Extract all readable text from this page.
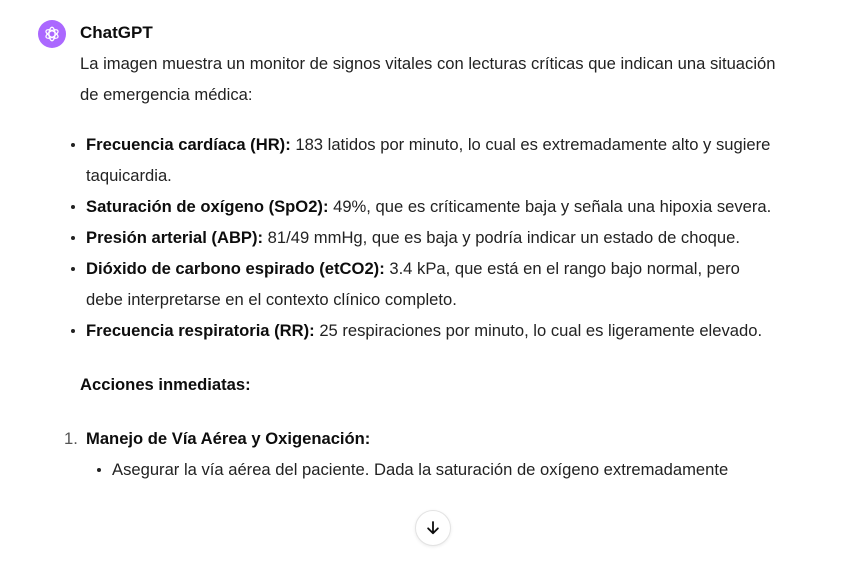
ChatGPT

La imagen muestra un monitor de signos vitales con lecturas críticas que indican una situación de emergencia médica:

Frecuencia cardíaca (HR): 183 latidos por minuto, lo cual es extremadamente alto y sugiere taquicardia.
Saturación de oxígeno (SpO2): 49%, que es críticamente baja y señala una hipoxia severa.
Presión arterial (ABP): 81/49 mmHg, que es baja y podría indicar un estado de choque.
Dióxido de carbono espirado (etCO2): 3.4 kPa, que está en el rango bajo normal, pero debe interpretarse en el contexto clínico completo.
Frecuencia respiratoria (RR): 25 respiraciones por minuto, lo cual es ligeramente elevado.

Acciones inmediatas:

1. Manejo de Vía Aérea y Oxigenación:
Asegurar la vía aérea del paciente. Dada la saturación de oxígeno extremadamente
